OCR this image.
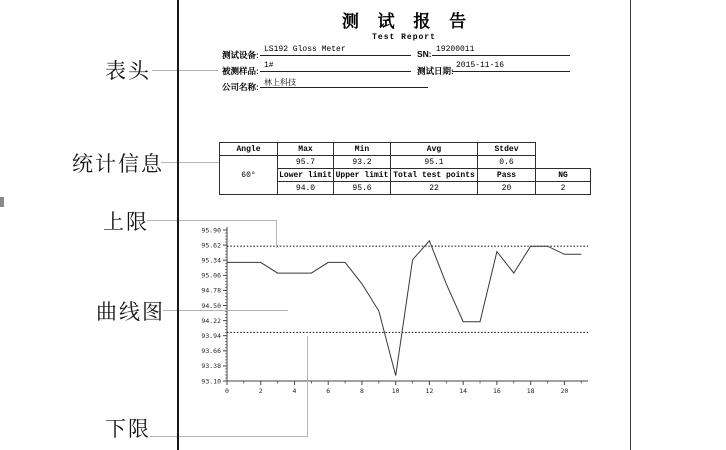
表头
统计信息
上限
曲线图
下限
测 试 报 告
Test Report
测试设备:
LS192 Gloss Meter	SN: 19200011
被测样品:
1#
测试日期:
2015-11-16
公司名称: 林上科技
Angle	Max	Min	Avg	Stdev	
60°	95.7	93.2	95.1	0.6	
	Lower limit	Upper limit	Total test points	Pass	NG
	94.0	95.6	22	20	2
95.90
95.62
95.34
95.06
94.78
94.50
94.22
93.94
93.66
93.38
93.10
0	2	4	6	8	10	12	14	16	18	20
